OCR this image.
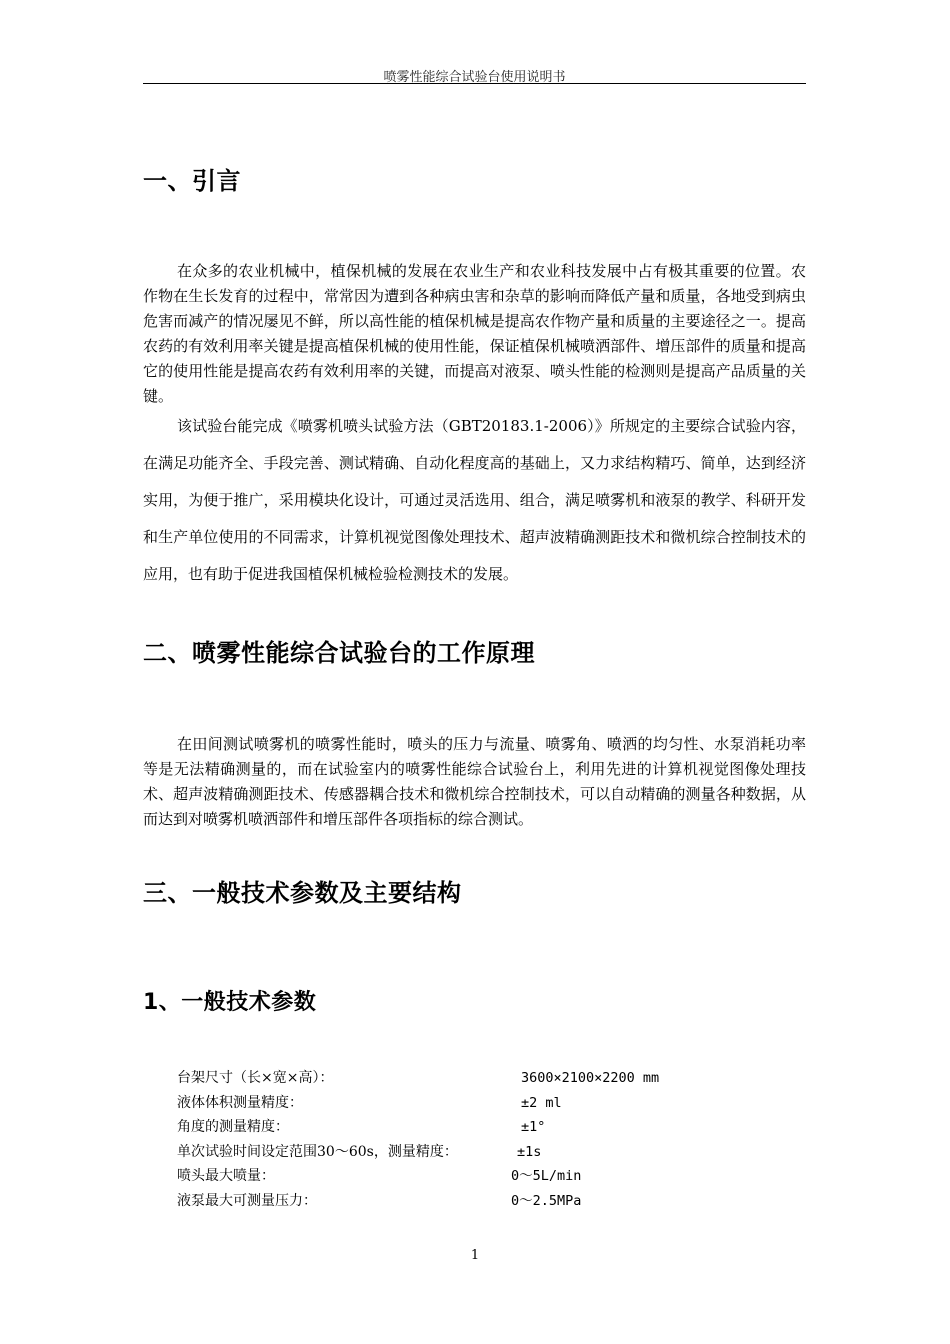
喷雾性能综合试验台使用说明书
一、引言

在众多的农业机械中，植保机械的发展在农业生产和农业科技发展中占有极其重要的位置。农作物在生长发育的过程中，常常因为遭到各种病虫害和杂草的影响而降低产量和质量，各地受到病虫危害而减产的情况屡见不鲜，所以高性能的植保机械是提高农作物产量和质量的主要途径之一。提高农药的有效利用率关键是提高植保机械的使用性能，保证植保机械喷洒部件、增压部件的质量和提高它的使用性能是提高农药有效利用率的关键，而提高对液泵、喷头性能的检测则是提高产品质量的关键。

该试验台能完成《喷雾机喷头试验方法（GBT20183.1-2006）》所规定的主要综合试验内容，在满足功能齐全、手段完善、测试精确、自动化程度高的基础上，又力求结构精巧、简单，达到经济实用，为便于推广，采用模块化设计，可通过灵活选用、组合，满足喷雾机和液泵的教学、科研开发和生产单位使用的不同需求，计算机视觉图像处理技术、超声波精确测距技术和微机综合控制技术的应用，也有助于促进我国植保机械检验检测技术的发展。

二、喷雾性能综合试验台的工作原理

在田间测试喷雾机的喷雾性能时，喷头的压力与流量、喷雾角、喷洒的均匀性、水泵消耗功率等是无法精确测量的，而在试验室内的喷雾性能综合试验台上，利用先进的计算机视觉图像处理技术、超声波精确测距技术、传感器耦合技术和微机综合控制技术，可以自动精确的测量各种数据，从而达到对喷雾机喷洒部件和增压部件各项指标的综合测试。

三、一般技术参数及主要结构
1、一般技术参数
台架尺寸（长×宽×高）：	3600×2100×2200 mm
液体体积测量精度：	±2 ml
角度的测量精度：	±1°
单次试验时间设定范围30～60s，测量精度：	±1s
喷头最大喷量：	0～5L/min
液泵最大可测量压力：	0～2.5MPa
1
